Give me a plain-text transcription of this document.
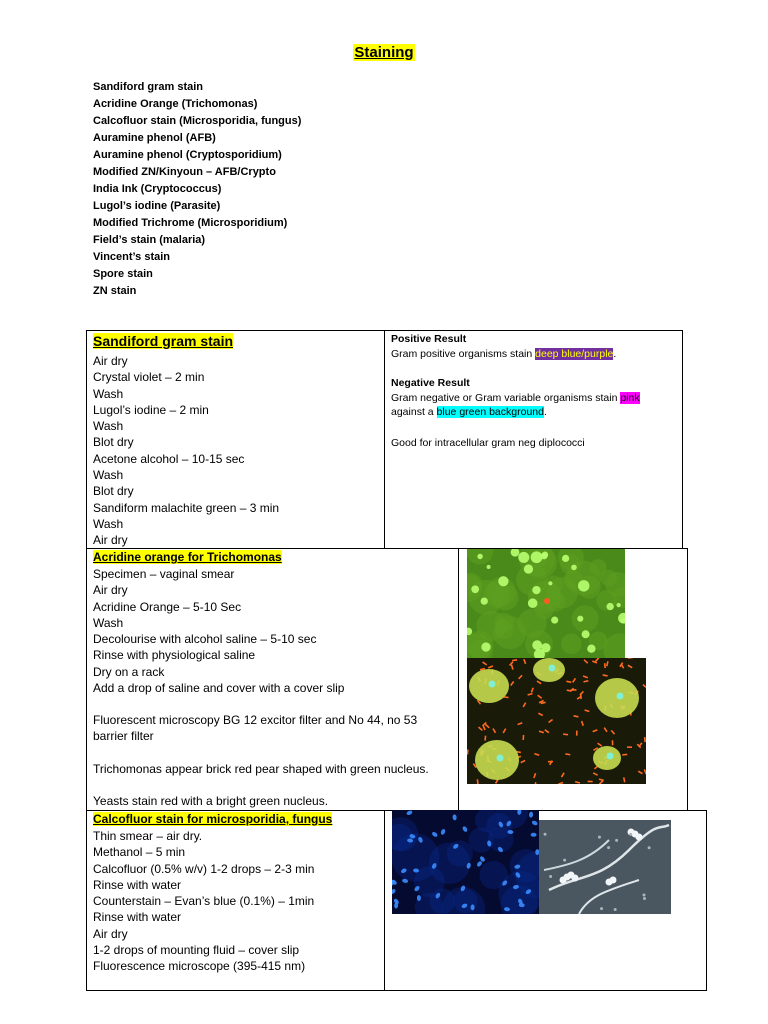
Staining
Sandiford gram stain
Acridine Orange (Trichomonas)
Calcofluor stain (Microsporidia, fungus)
Auramine phenol (AFB)
Auramine phenol (Cryptosporidium)
Modified ZN/Kinyoun – AFB/Crypto
India Ink (Cryptococcus)
Lugol’s iodine (Parasite)
Modified Trichrome (Microsporidium)
Field’s stain (malaria)
Vincent’s stain
Spore stain
ZN stain
Sandiford gram stain
Air dry
Crystal violet – 2 min
Wash
Lugol’s iodine – 2 min
Wash
Blot dry
Acetone alcohol – 10-15 sec
Wash
Blot dry
Sandiform malachite green – 3 min
Wash
Air dry
Positive Result
Gram positive organisms stain deep blue/purple.
Negative Result
Gram negative or Gram variable organisms stain pink
against a blue green background.
Good for intracellular gram neg diplococci
Acridine orange for Trichomonas
Specimen – vaginal smear
Air dry
Acridine Orange – 5-10 Sec
Wash
Decolourise with alcohol saline – 5-10 sec
Rinse with physiological saline
Dry on a rack
Add a drop of saline and cover with a cover slip
Fluorescent microscopy BG 12 excitor filter and No 44, no 53 barrier filter
Trichomonas appear brick red pear shaped with green nucleus.
Yeasts stain red with a bright green nucleus.
Calcofluor stain for microsporidia, fungus
Thin smear – air dry.
Methanol – 5 min
Calcofluor (0.5% w/v) 1-2 drops – 2-3 min
Rinse with water
Counterstain – Evan’s blue (0.1%) – 1min
Rinse with water
Air dry
1-2 drops of mounting fluid – cover slip
Fluorescence microscope (395-415 nm)
